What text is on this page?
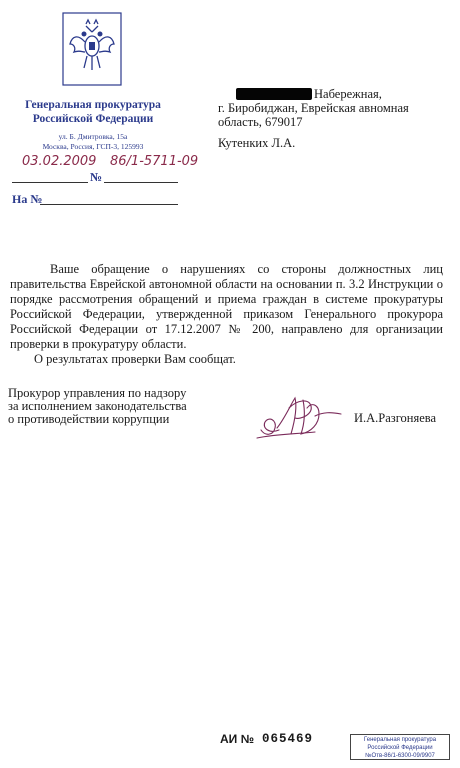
Генеральная прокуратура
Российской Федерации
ул. Б. Дмитровка, 15а
Москва, Россия, ГСП-3, 125993
03.02.2009 86/1-5711-09
№
На №
Набережная,
г. Биробиджан, Еврейская авномная
область, 679017
Кутенких Л.А.

Ваше обращение о нарушениях со стороны должностных лиц правительства Еврейской автономной области на основании п. 3.2 Инструкции о порядке рассмотрения обращений и приема граждан в системе прокуратуры Российской Федерации, утвержденной приказом Генерального прокурора Российской Федерации от 17.12.2007 № 200, направлено для организации проверки в прокуратуру области.

О результатах проверки Вам сообщат.

Прокурор управления по надзору
за исполнением законодательства
о противодействии коррупции	И.А.Разгоняева
АИ № 065469	Генеральная прокуратура
Российской Федерации
№Отв-86/1-6300-09/9907
